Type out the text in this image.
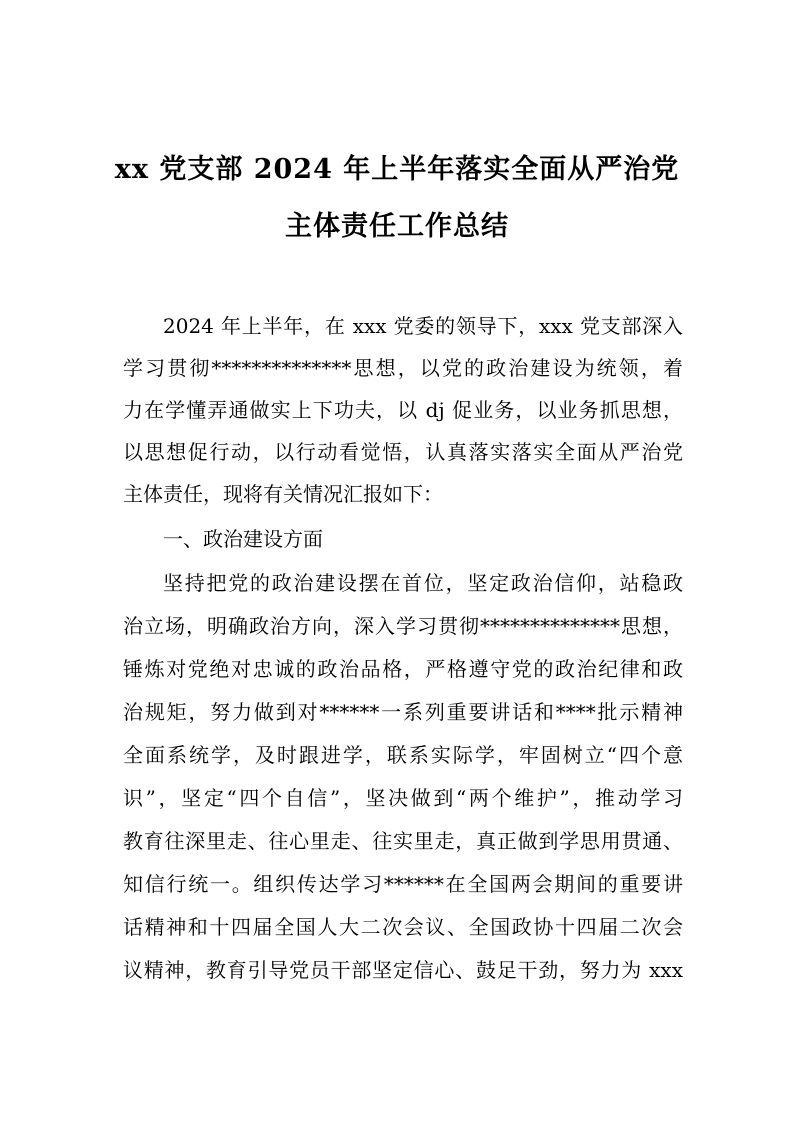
xx 党支部 2024 年上半年落实全面从严治党
主体责任工作总结
2024 年上半年，在 xxx 党委的领导下，xxx 党支部深入
学习贯彻**************思想，以党的政治建设为统领，着
力在学懂弄通做实上下功夫，以 dj 促业务，以业务抓思想，
以思想促行动，以行动看觉悟，认真落实落实全面从严治党
主体责任，现将有关情况汇报如下：
一、政治建设方面
坚持把党的政治建设摆在首位，坚定政治信仰，站稳政
治立场，明确政治方向，深入学习贯彻**************思想，
锤炼对党绝对忠诚的政治品格，严格遵守党的政治纪律和政
治规矩，努力做到对******一系列重要讲话和****批示精神
全面系统学，及时跟进学，联系实际学，牢固树立“四个意
识”，坚定“四个自信”，坚决做到“两个维护”，推动学习
教育往深里走、往心里走、往实里走，真正做到学思用贯通、
知信行统一。组织传达学习******在全国两会期间的重要讲
话精神和十四届全国人大二次会议、全国政协十四届二次会
议精神，教育引导党员干部坚定信心、鼓足干劲，努力为 xxx
